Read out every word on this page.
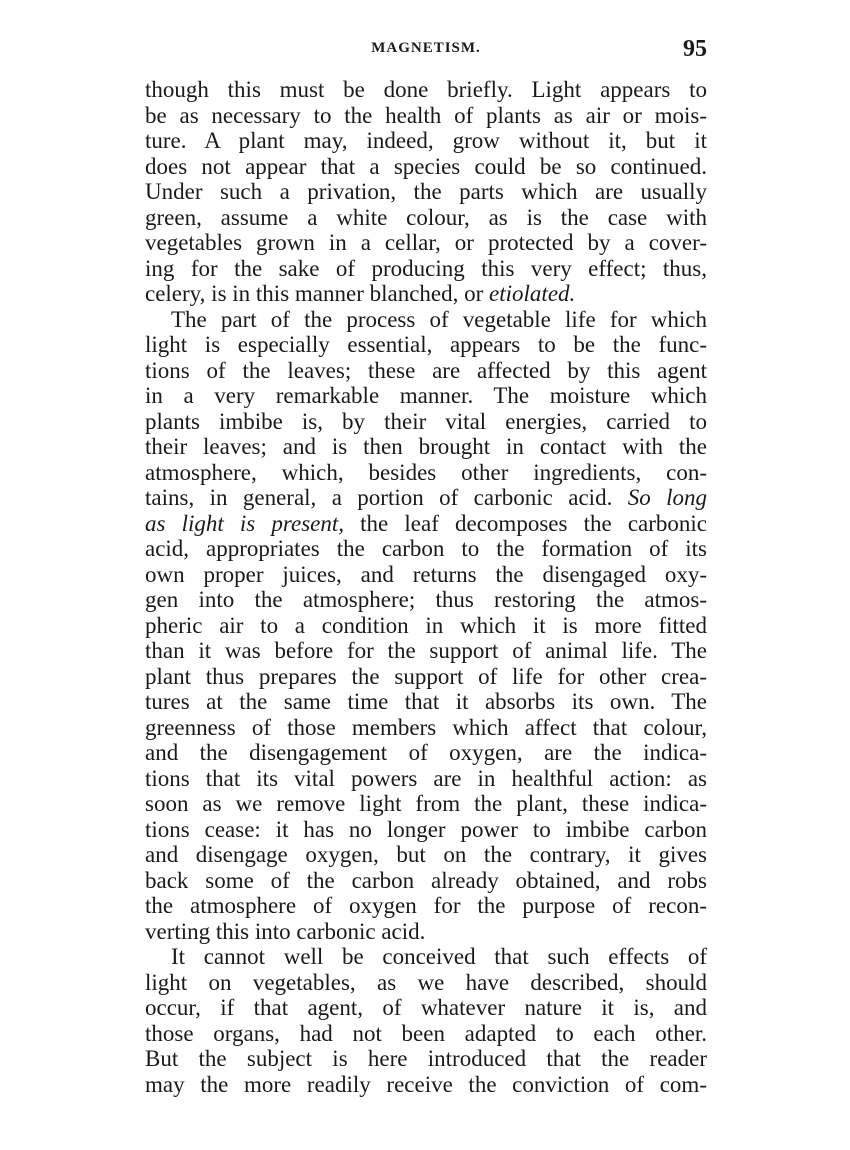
MAGNETISM.	95
though this must be done briefly. Light appears to
be as necessary to the health of plants as air or mois-
ture. A plant may, indeed, grow without it, but it
does not appear that a species could be so continued.
Under such a privation, the parts which are usually
green, assume a white colour, as is the case with
vegetables grown in a cellar, or protected by a cover-
ing for the sake of producing this very effect; thus,
celery, is in this manner blanched, or etiolated.
The part of the process of vegetable life for which
light is especially essential, appears to be the func-
tions of the leaves; these are affected by this agent
in a very remarkable manner. The moisture which
plants imbibe is, by their vital energies, carried to
their leaves; and is then brought in contact with the
atmosphere, which, besides other ingredients, con-
tains, in general, a portion of carbonic acid. So long
as light is present, the leaf decomposes the carbonic
acid, appropriates the carbon to the formation of its
own proper juices, and returns the disengaged oxy-
gen into the atmosphere; thus restoring the atmos-
pheric air to a condition in which it is more fitted
than it was before for the support of animal life. The
plant thus prepares the support of life for other crea-
tures at the same time that it absorbs its own. The
greenness of those members which affect that colour,
and the disengagement of oxygen, are the indica-
tions that its vital powers are in healthful action: as
soon as we remove light from the plant, these indica-
tions cease: it has no longer power to imbibe carbon
and disengage oxygen, but on the contrary, it gives
back some of the carbon already obtained, and robs
the atmosphere of oxygen for the purpose of recon-
verting this into carbonic acid.
It cannot well be conceived that such effects of
light on vegetables, as we have described, should
occur, if that agent, of whatever nature it is, and
those organs, had not been adapted to each other.
But the subject is here introduced that the reader
may the more readily receive the conviction of com-
